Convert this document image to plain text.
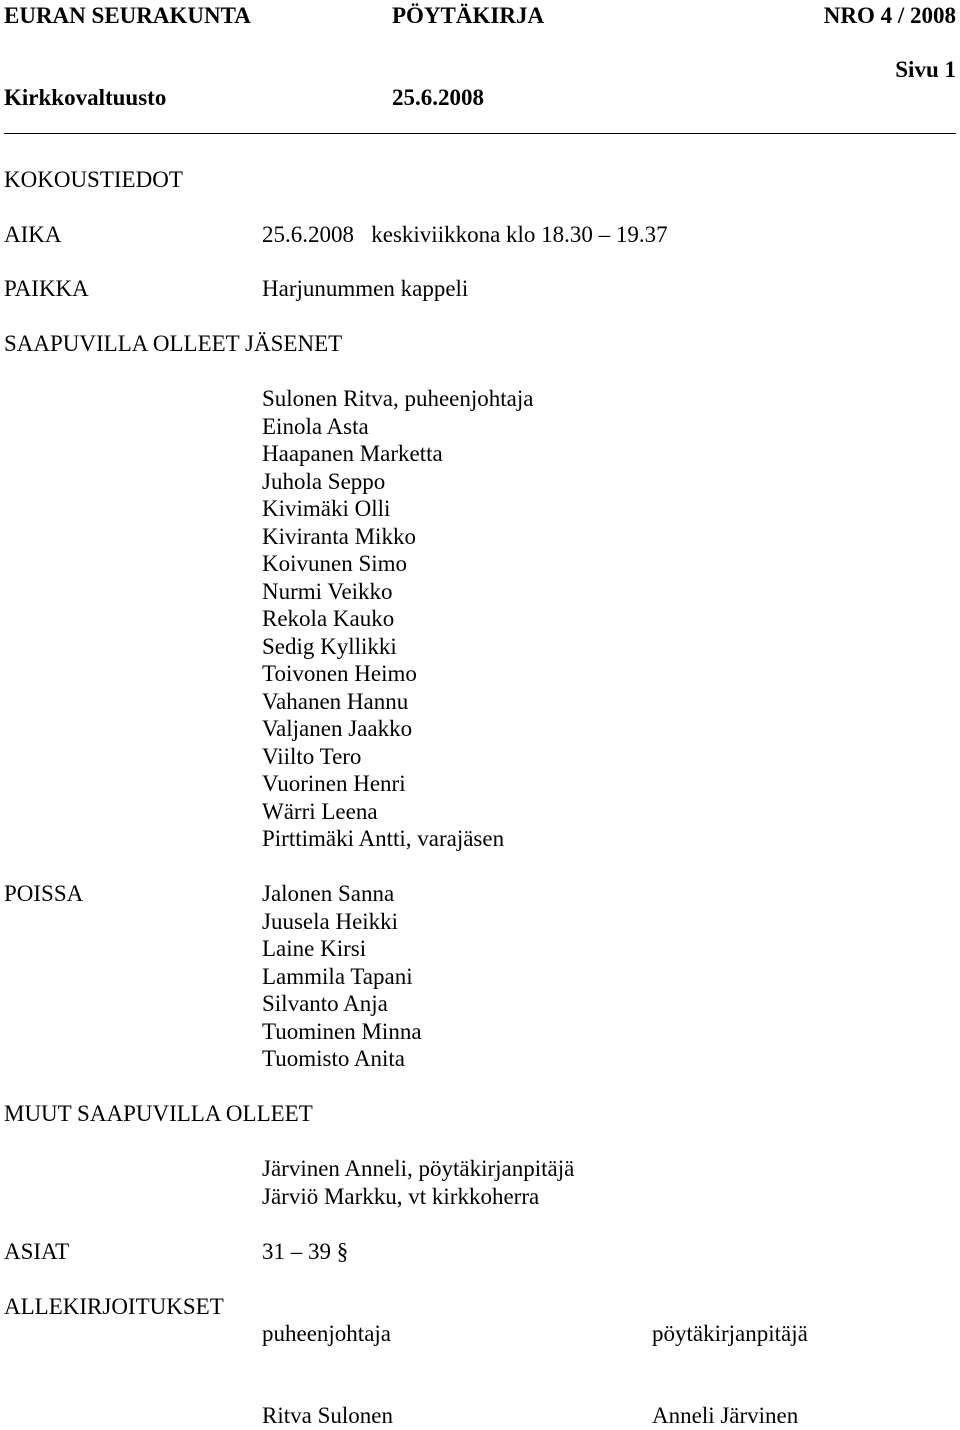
EURAN SEURAKUNTA	PÖYTÄKIRJA	NRO 4 / 2008
Sivu 1
Kirkkovaltuusto	25.6.2008
KOKOUSTIEDOT
AIKA	25.6.2008   keskiviikkona klo 18.30 – 19.37
PAIKKA	Harjunummen kappeli
SAAPUVILLA OLLEET JÄSENET
Sulonen Ritva, puheenjohtaja
Einola Asta
Haapanen Marketta
Juhola Seppo
Kivimäki Olli
Kiviranta Mikko
Koivunen Simo
Nurmi Veikko
Rekola Kauko
Sedig Kyllikki
Toivonen Heimo
Vahanen Hannu
Valjanen Jaakko
Viilto Tero
Vuorinen Henri
Wärri Leena
Pirttimäki Antti, varajäsen
POISSA	Jalonen Sanna
Juusela Heikki
Laine Kirsi
Lammila Tapani
Silvanto Anja
Tuominen Minna
Tuomisto Anita
MUUT SAAPUVILLA OLLEET
Järvinen Anneli, pöytäkirjanpitäjä
Järviö Markku, vt kirkkoherra
ASIAT	31 – 39 §
ALLEKIRJOITUKSET
puheenjohtaja	pöytäkirjanpitäjä
Ritva Sulonen	Anneli Järvinen
